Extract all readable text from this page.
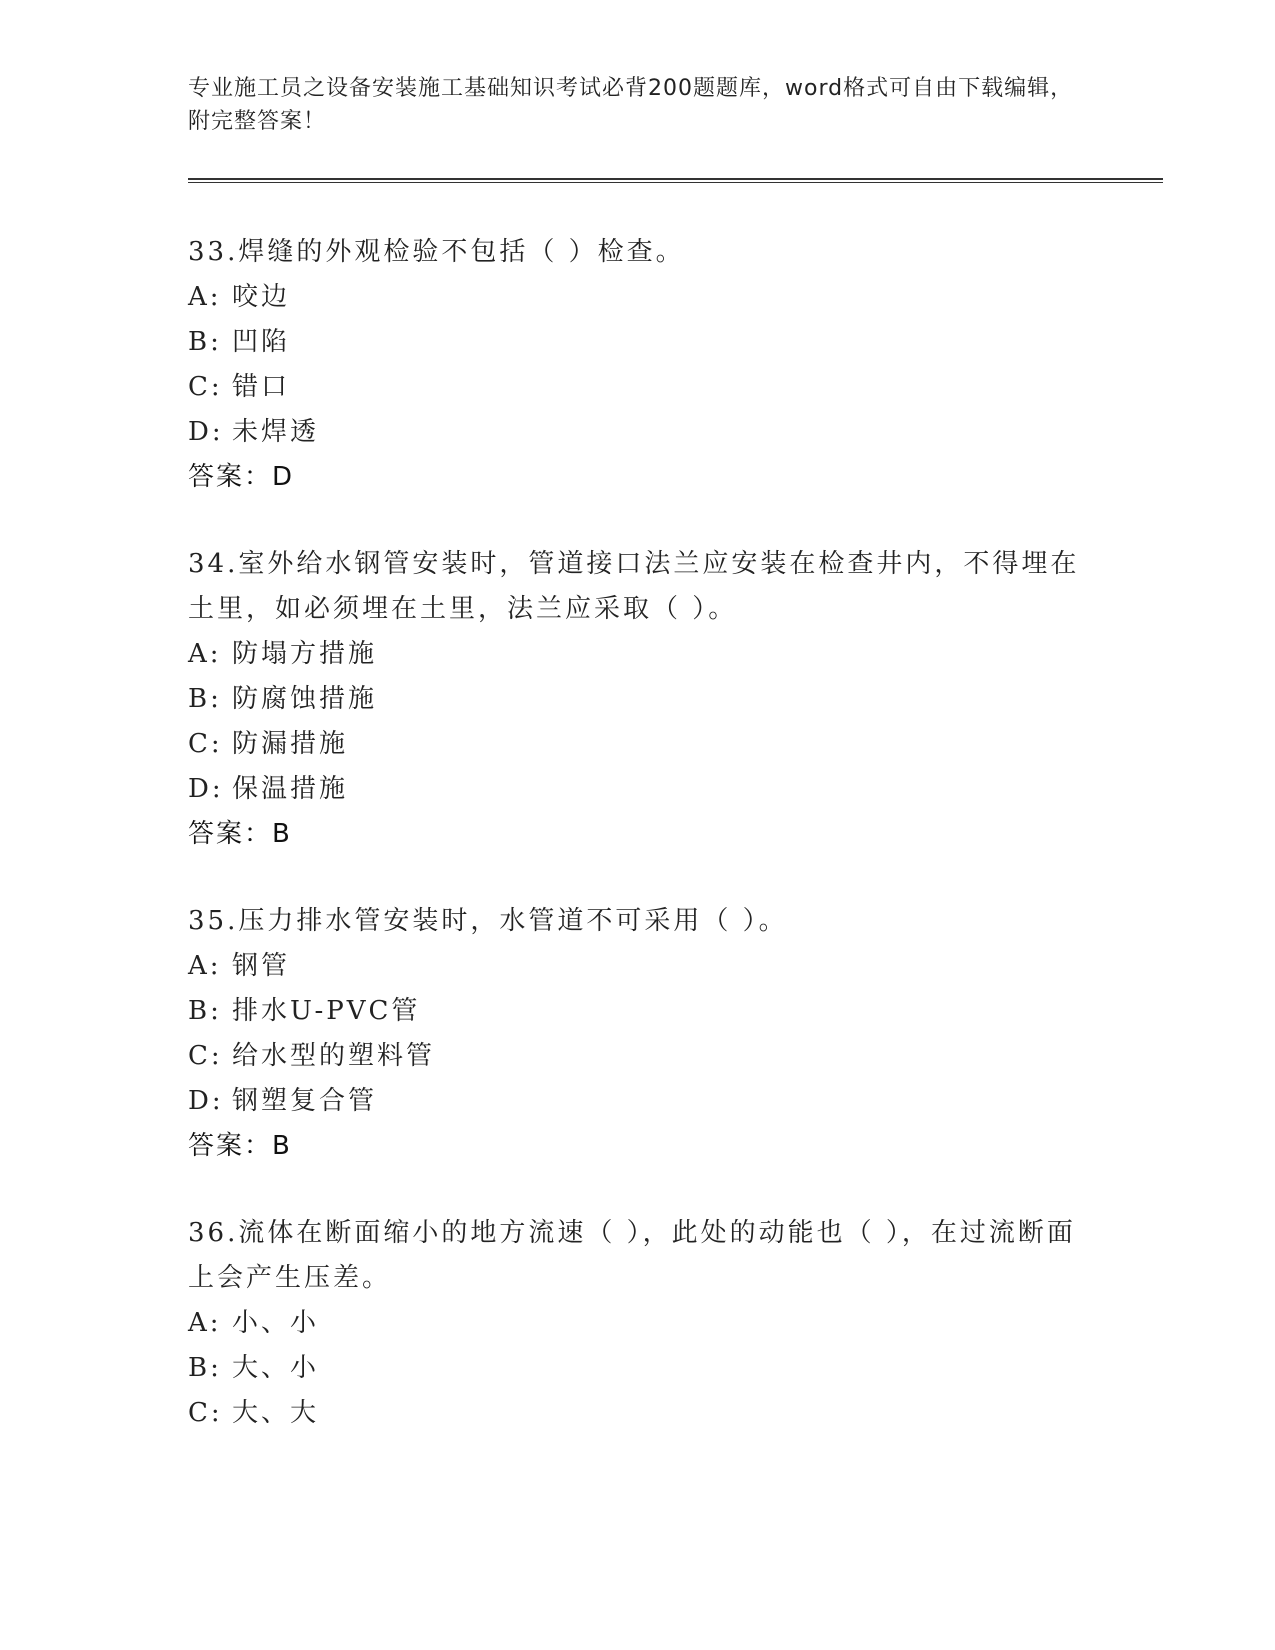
专业施工员之设备安装施工基础知识考试必背200题题库，word格式可自由下载编辑，附完整答案！

33.焊缝的外观检验不包括（ ）检查。

A: 咬边

B: 凹陷

C: 错口

D: 未焊透

答案：D

34.室外给水钢管安装时，管道接口法兰应安装在检查井内，不得埋在土里，如必须埋在土里，法兰应采取（ ）。

A: 防塌方措施

B: 防腐蚀措施

C: 防漏措施

D: 保温措施

答案：B

35.压力排水管安装时，水管道不可采用（ ）。

A: 钢管

B: 排水U-PVC管

C: 给水型的塑料管

D: 钢塑复合管

答案：B

36.流体在断面缩小的地方流速（ ），此处的动能也（ ），在过流断面上会产生压差。

A: 小、小

B: 大、小

C: 大、大
